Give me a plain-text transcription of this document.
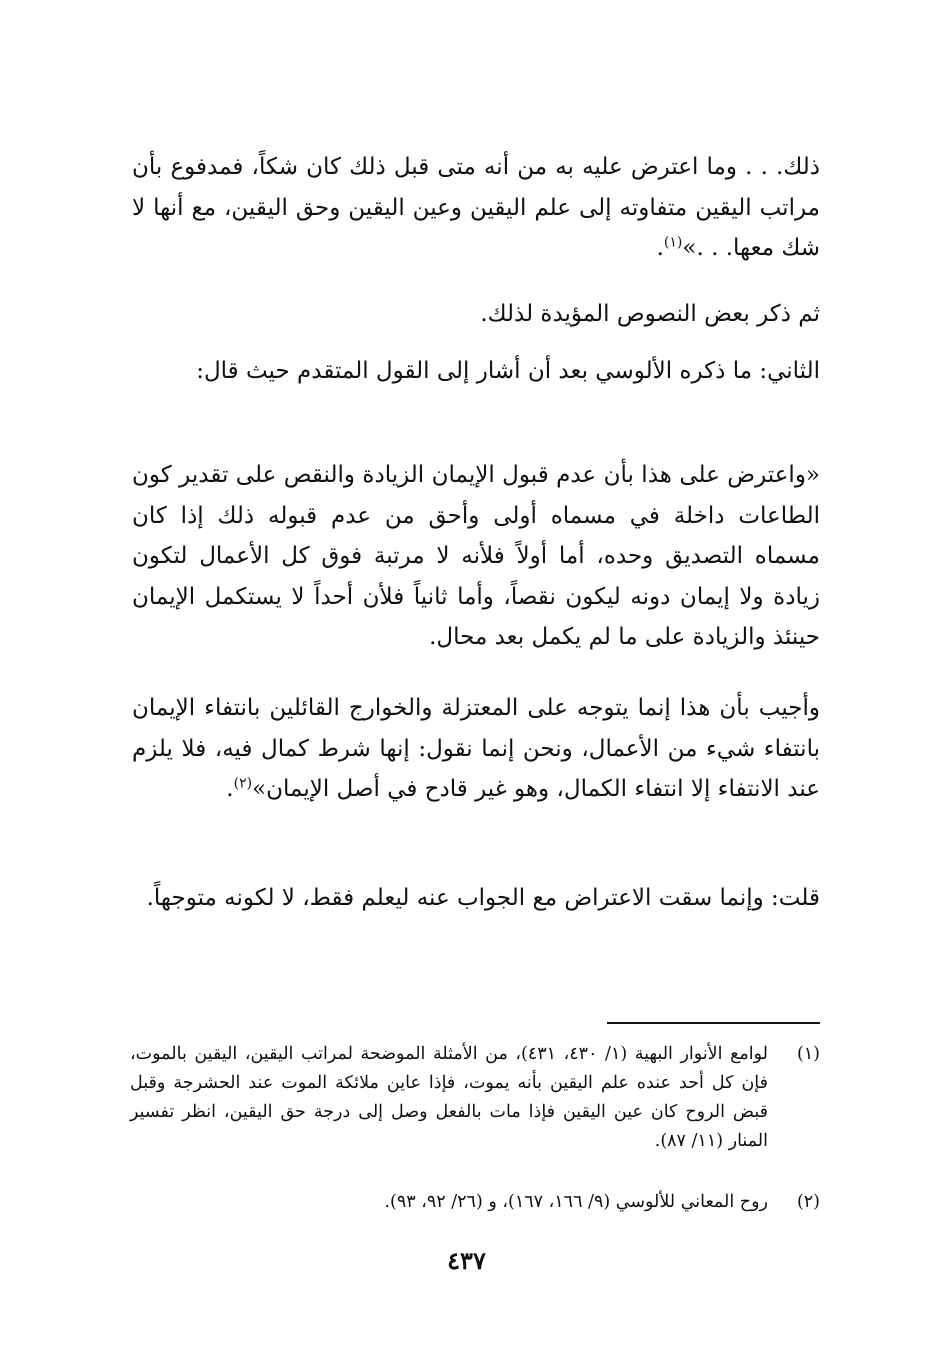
ذلك. . . وما اعترض عليه به من أنه متى قبل ذلك كان شكاً، فمدفوع بأن مراتب اليقين متفاوته إلى علم اليقين وعين اليقين وحق اليقين، مع أنها لا شك معها. . .»$^{(١)}$.
ثم ذكر بعض النصوص المؤيدة لذلك.
الثاني: ما ذكره الألوسي بعد أن أشار إلى القول المتقدم حيث قال:
«واعترض على هذا بأن عدم قبول الإيمان الزيادة والنقص على تقدير كون الطاعات داخلة في مسماه أولى وأحق من عدم قبوله ذلك إذا كان مسماه التصديق وحده، أما أولاً فلأنه لا مرتبة فوق كل الأعمال لتكون زيادة ولا إيمان دونه ليكون نقصاً، وأما ثانياً فلأن أحداً لا يستكمل الإيمان حينئذ والزيادة على ما لم يكمل بعد محال.
وأجيب بأن هذا إنما يتوجه على المعتزلة والخوارج القائلين بانتفاء الإيمان بانتفاء شيء من الأعمال، ونحن إنما نقول: إنها شرط كمال فيه، فلا يلزم عند الانتفاء إلا انتفاء الكمال، وهو غير قادح في أصل الإيمان»$^{(٢)}$.
قلت: وإنما سقت الاعتراض مع الجواب عنه ليعلم فقط، لا لكونه متوجهاً.
(١)
لوامع الأنوار البهية (١/ ٤٣٠، ٤٣١)، من الأمثلة الموضحة لمراتب اليقين، اليقين بالموت، فإن كل أحد عنده علم اليقين بأنه يموت، فإذا عاين ملائكة الموت عند الحشرجة وقبل قبض الروح كان عين اليقين فإذا مات بالفعل وصل إلى درجة حق اليقين، انظر تفسير المنار (١١/ ٨٧).
(٢)
روح المعاني للألوسي (٩/ ١٦٦، ١٦٧)، و (٢٦/ ٩٢، ٩٣).
٤٣٧
